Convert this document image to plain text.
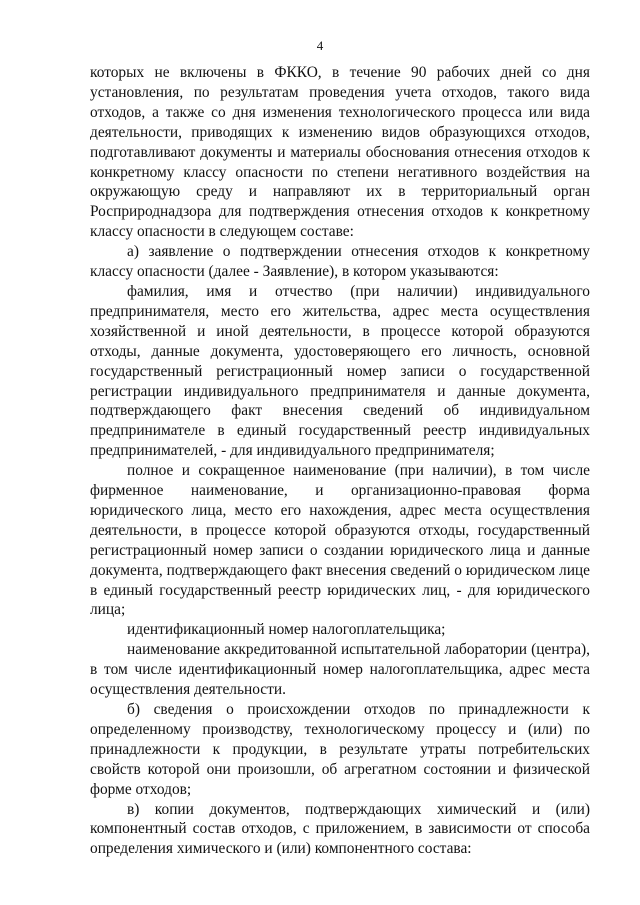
4

которых не включены в ФККО, в течение 90 рабочих дней со дня установления, по результатам проведения учета отходов, такого вида отходов, а также со дня изменения технологического процесса или вида деятельности, приводящих к изменению видов образующихся отходов, подготавливают документы и материалы обоснования отнесения отходов к конкретному классу опасности по степени негативного воздействия на окружающую среду и направляют их в территориальный орган Росприроднадзора для подтверждения отнесения отходов к конкретному классу опасности в следующем составе:

а) заявление о подтверждении отнесения отходов к конкретному классу опасности (далее - Заявление), в котором указываются:

фамилия, имя и отчество (при наличии) индивидуального предпринимателя, место его жительства, адрес места осуществления хозяйственной и иной деятельности, в процессе которой образуются отходы, данные документа, удостоверяющего его личность, основной государственный регистрационный номер записи о государственной регистрации индивидуального предпринимателя и данные документа, подтверждающего факт внесения сведений об индивидуальном предпринимателе в единый государственный реестр индивидуальных предпринимателей, - для индивидуального предпринимателя;

полное и сокращенное наименование (при наличии), в том числе фирменное наименование, и организационно-правовая форма юридического лица, место его нахождения, адрес места осуществления деятельности, в процессе которой образуются отходы, государственный регистрационный номер записи о создании юридического лица и данные документа, подтверждающего факт внесения сведений о юридическом лице в единый государственный реестр юридических лиц, - для юридического лица;

идентификационный номер налогоплательщика;

наименование аккредитованной испытательной лаборатории (центра), в том числе идентификационный номер налогоплательщика, адрес места осуществления деятельности.

б) сведения о происхождении отходов по принадлежности к определенному производству, технологическому процессу и (или) по принадлежности к продукции, в результате утраты потребительских свойств которой они произошли, об агрегатном состоянии и физической форме отходов;

в) копии документов, подтверждающих химический и (или) компонентный состав отходов, с приложением, в зависимости от способа определения химического и (или) компонентного состава:
